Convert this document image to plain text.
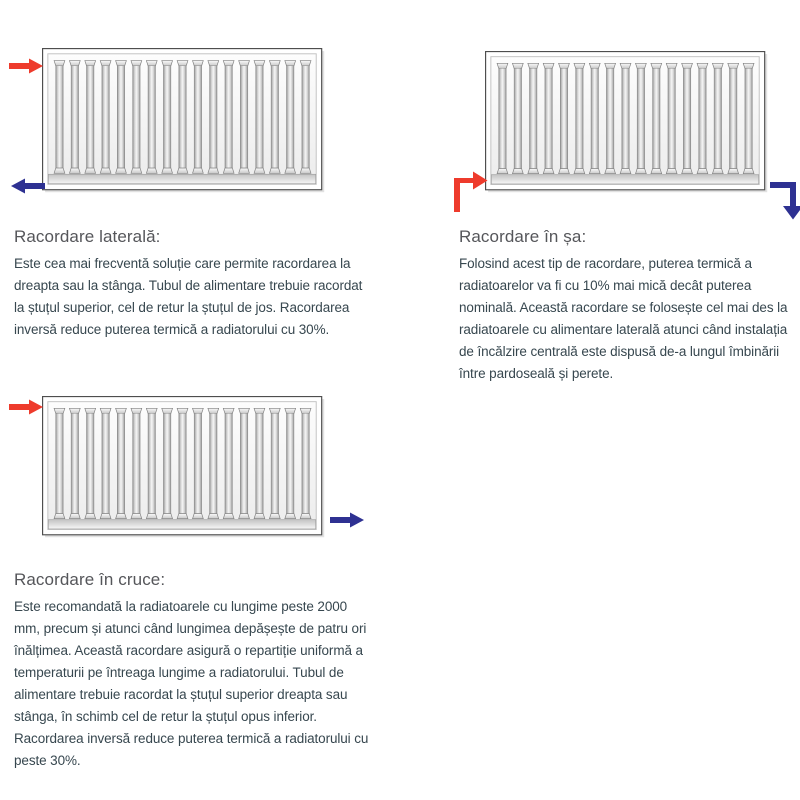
Racordare laterală:

Este cea mai frecventă soluție care permite racordarea la dreapta sau la stânga. Tubul de alimentare trebuie racordat la ștuțul superior, cel de retur la ștuțul de jos. Racordarea inversă reduce puterea termică a radiatorului cu 30%.

Racordare în șa:

Folosind acest tip de racordare, puterea termică a radiatoarelor va fi cu 10% mai mică decât puterea nominală. Această racordare se folosește cel mai des la radiatoarele cu alimentare laterală atunci când instalația de încălzire centrală este dispusă de-a lungul îmbinării între pardoseală și perete.

Racordare în cruce:

Este recomandată la radiatoarele cu lungime peste 2000 mm, precum și atunci când lungimea depășește de patru ori înălțimea. Această racordare asigură o repartiție uniformă a temperaturii pe întreaga lungime a radiatorului. Tubul de alimentare trebuie racordat la ștuțul superior dreapta sau stânga, în schimb cel de retur la ștuțul opus inferior. Racordarea inversă reduce puterea termică a radiatorului cu peste 30%.
